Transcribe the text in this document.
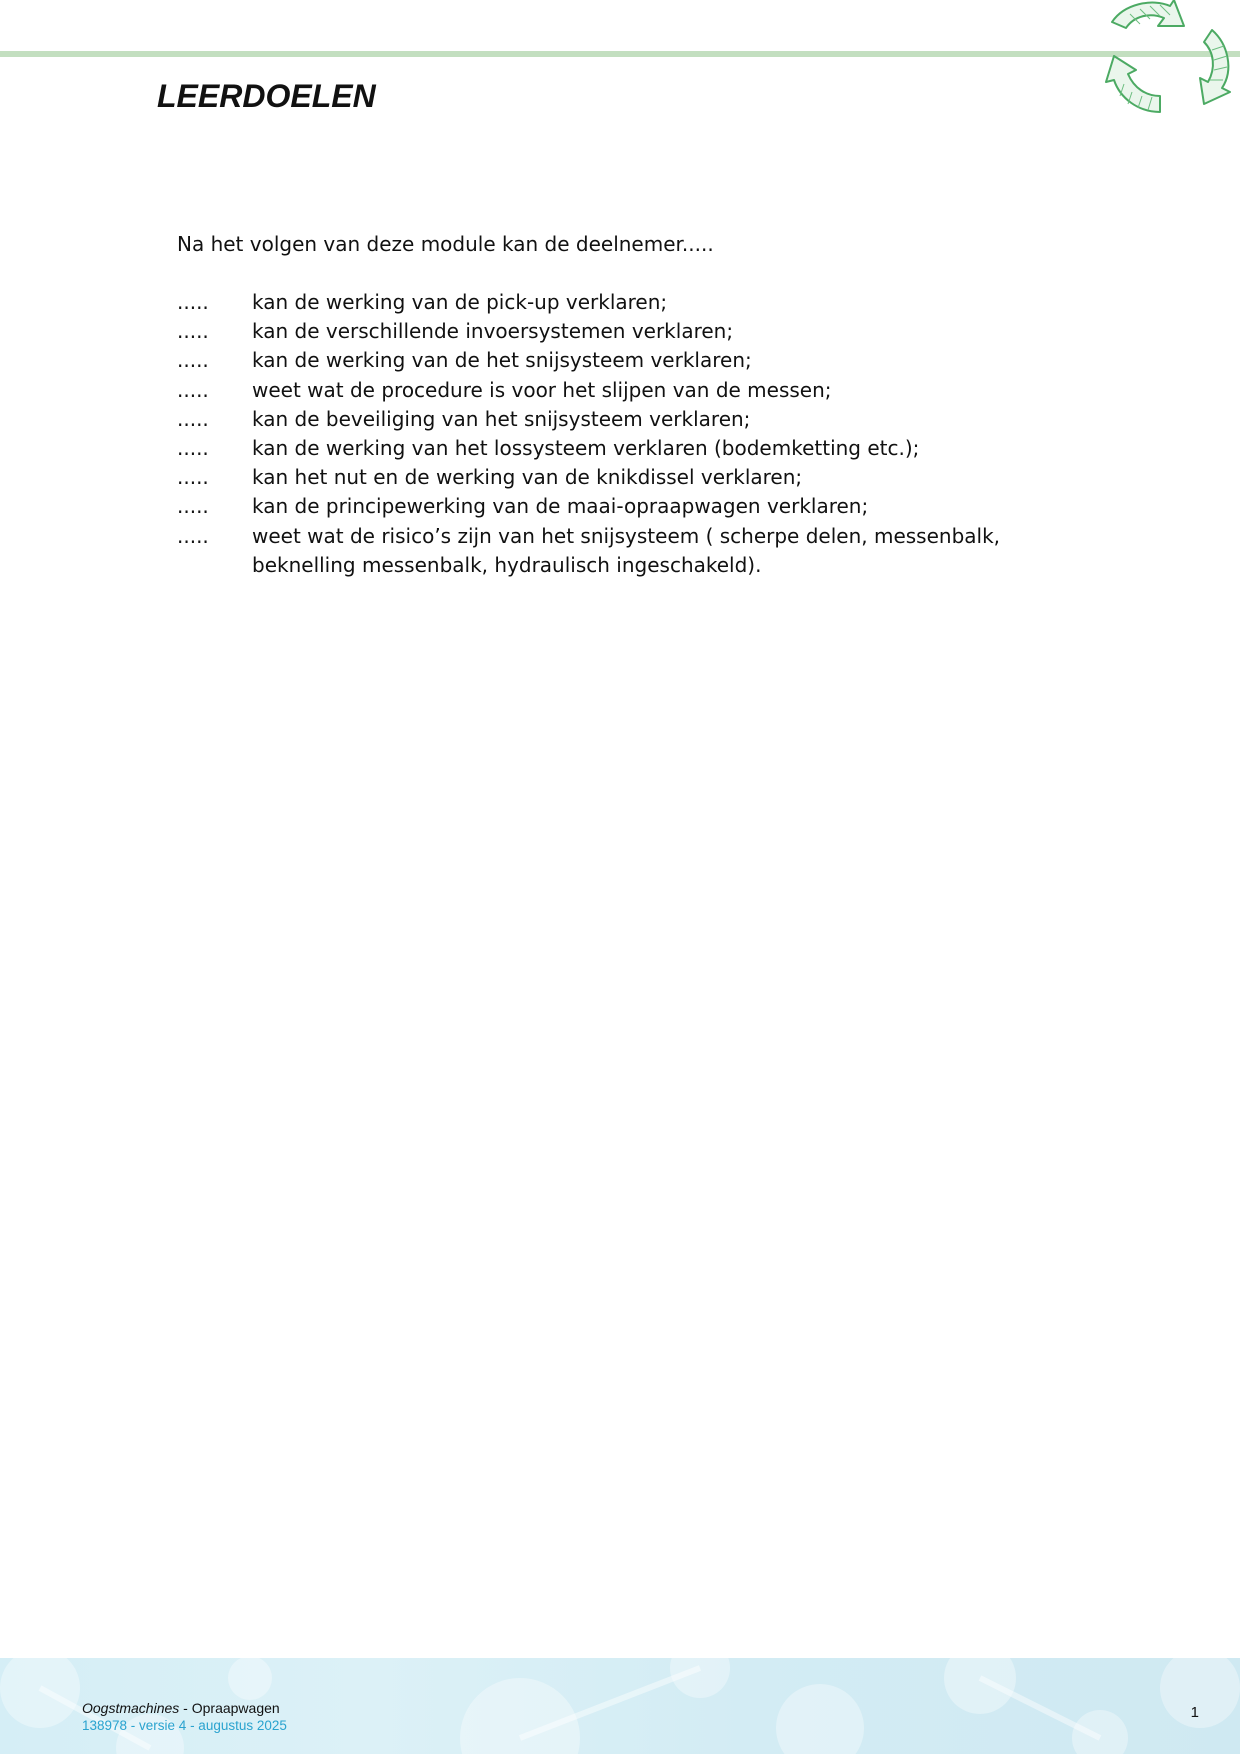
LEERDOELEN
Na het volgen van deze module kan de deelnemer.....
.....	kan de werking van de pick-up verklaren;
.....	kan de verschillende invoersystemen verklaren;
.....	kan de werking van de het snijsysteem verklaren;
.....	weet wat de procedure is voor het slijpen van de messen;
.....	kan de beveiliging van het snijsysteem verklaren;
.....	kan de werking van het lossysteem verklaren (bodemketting etc.);
.....	kan het nut en de werking van de knikdissel verklaren;
.....	kan de principewerking van de maai-opraapwagen verklaren;
.....	weet wat de risico’s zijn van het snijsysteem ( scherpe delen, messenbalk, beknelling messenbalk, hydraulisch ingeschakeld).
Oogstmachines - Opraapwagen
138978 - versie 4 - augustus 2025
1
